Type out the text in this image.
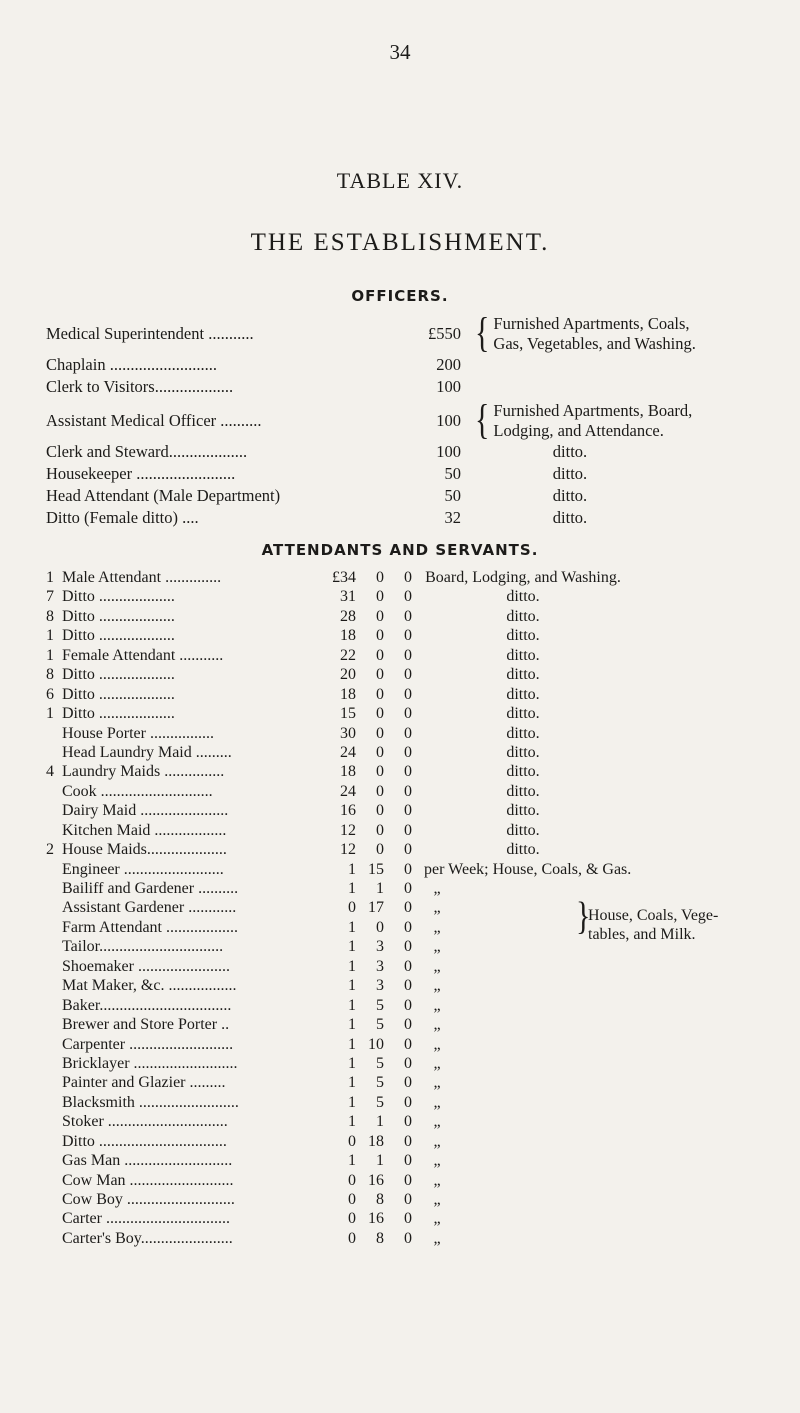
34
TABLE XIV.
THE ESTABLISHMENT.
OFFICERS.
Medical Superintendent ...........	£550 { Furnished Apartments, Coals,
Gas, Vegetables, and Washing.
Chaplain ..........................	200
Clerk to Visitors...................	100
Assistant Medical Officer ..........	100 { Furnished Apartments, Board,
Lodging, and Attendance.
Clerk and Steward...................	100	ditto.
Housekeeper ........................	50	ditto.
Head Attendant (Male Department)	50	ditto.
Ditto (Female ditto) ....	32	ditto.
ATTENDANTS AND SERVANTS.
}
House, Coals, Vege-
tables, and Milk.
1 Male Attendant ..............	£34	0	0 Board, Lodging, and Washing.
7 Ditto ...................	31	0	0	ditto.
8 Ditto ...................	28	0	0	ditto.
1 Ditto ...................	18	0	0	ditto.
1 Female Attendant ...........	22	0	0	ditto.
8 Ditto ...................	20	0	0	ditto.
6 Ditto ...................	18	0	0	ditto.
1 Ditto ...................	15	0	0	ditto.
House Porter ................	30	0	0	ditto.
Head Laundry Maid .........	24	0	0	ditto.
4 Laundry Maids ...............	18	0	0	ditto.
Cook ............................	24	0	0	ditto.
Dairy Maid ......................	16	0	0	ditto.
Kitchen Maid ..................	12	0	0	ditto.
2 House Maids....................	12	0	0	ditto.
Engineer .........................	1 15	0 per Week; House, Coals, & Gas.
Bailiff and Gardener ..........	1	1	0	„
Assistant Gardener ............	0 17	0	„
Farm Attendant ..................	1	0	0	„
Tailor...............................	1	3	0	„
Shoemaker .......................	1	3	0	„
Mat Maker, &c. .................	1	3	0	„
Baker.................................	1	5	0	„
Brewer and Store Porter ..	1	5	0	„
Carpenter ..........................	1 10	0	„
Bricklayer ..........................	1	5	0	„
Painter and Glazier .........	1	5	0	„
Blacksmith .........................	1	5	0	„
Stoker ..............................	1	1	0	„
Ditto ................................	0 18	0	„
Gas Man ...........................	1	1	0	„
Cow Man ..........................	0 16	0	„
Cow Boy ...........................	0	8	0	„
Carter ...............................	0 16	0	„
Carter's Boy.......................	0	8	0	„
